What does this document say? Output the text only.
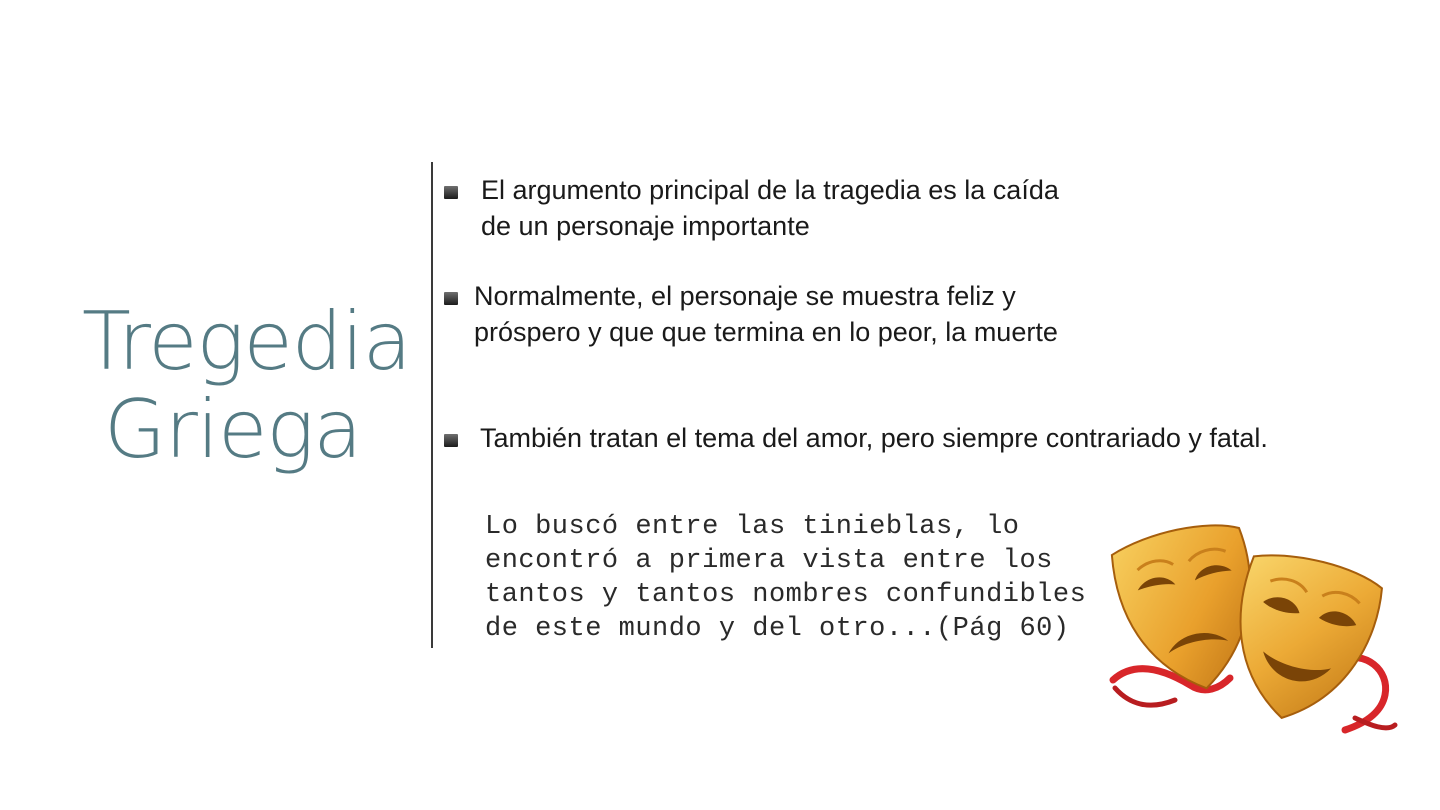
Tregedia
Griega

El argumento principal de la tragedia es la caída de un personaje importante

Normalmente, el personaje se muestra feliz y próspero y que que termina en lo peor, la muerte

También tratan el tema del amor, pero siempre contrariado y fatal.

Lo buscó entre las tinieblas, lo encontró a primera vista entre los tantos y tantos nombres confundibles de este mundo y del otro...(Pág 60)
